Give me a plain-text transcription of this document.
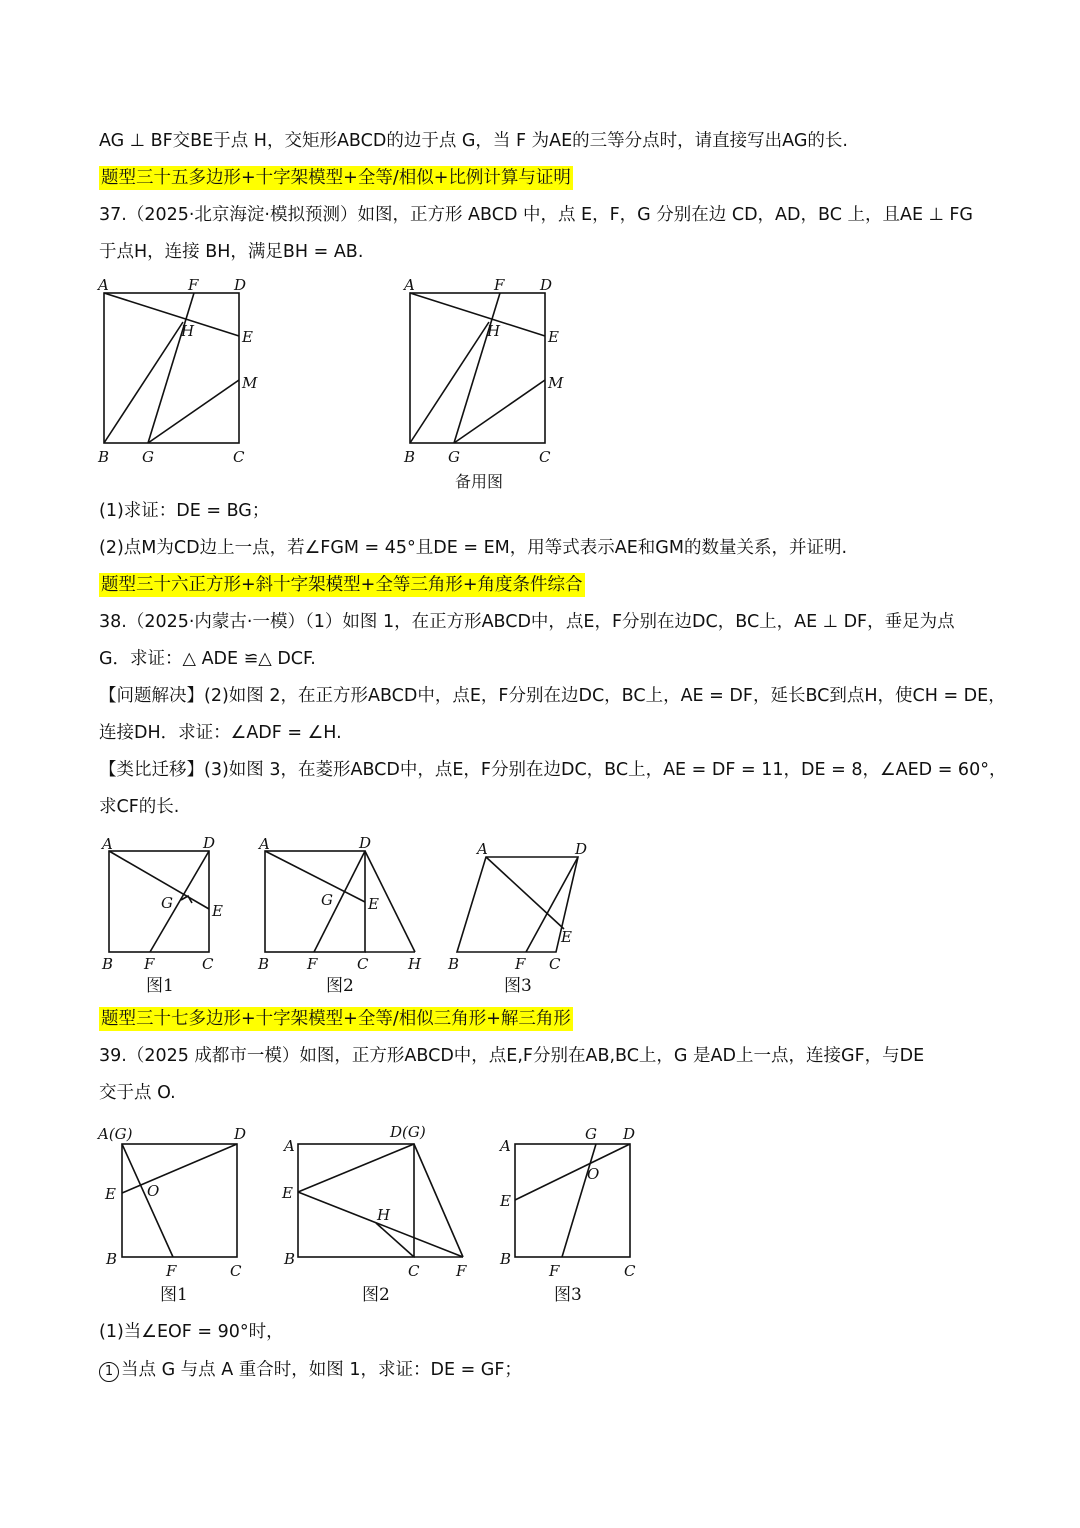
AG ⊥ BF交BE于点 H，交矩形ABCD的边于点 G，当 F 为AE的三等分点时，请直接写出AG的长.
题型三十五多边形+十字架模型+全等/相似+比例计算与证明
37.（2025·北京海淀·模拟预测）如图，正方形 ABCD 中，点 E，F，G 分别在边 CD，AD，BC 上，且AE ⊥ FG
于点H，连接 BH，满足BH = AB.
A	F D
H	E
M
B G	C
A	F D
H	E
M
B G	C
备用图
(1)求证：DE = BG；
(2)点M为CD边上一点，若∠FGM = 45°且DE = EM，用等式表示AE和GM的数量关系，并证明.
题型三十六正方形+斜十字架模型+全等三角形+角度条件综合
38.（2025·内蒙古·一模）（1）如图 1，在正方形ABCD中，点E，F分别在边DC，BC上，AE ⊥ DF，垂足为点
G．求证：△ ADE ≌△ DCF.
【问题解决】(2)如图 2，在正方形ABCD中，点E，F分别在边DC，BC上，AE = DF，延长BC到点H，使CH = DE，
连接DH．求证：∠ADF = ∠H.
【类比迁移】(3)如图 3，在菱形ABCD中，点E，F分别在边DC，BC上，AE = DF = 11，DE = 8，∠AED = 60°，
求CF的长.
A	D
G	E
B F	C
图1
A	D
G E
B	F	C	H
图2
A	D
E
B	F C
图3
题型三十七多边形+十字架模型+全等/相似三角形+解三角形
39.（2025 成都市一模）如图，正方形ABCD中，点E,F分别在AB,BC上，G 是AD上一点，连接GF，与DE
交于点 O.
A(G)	D
E O
B
F	C
图1
A
D(G)
E
H
B
C F
图2
A
G D
O
E
B
F	C
图3
(1)当∠EOF = 90°时，
1 当点 G 与点 A 重合时，如图 1，求证：DE = GF；
